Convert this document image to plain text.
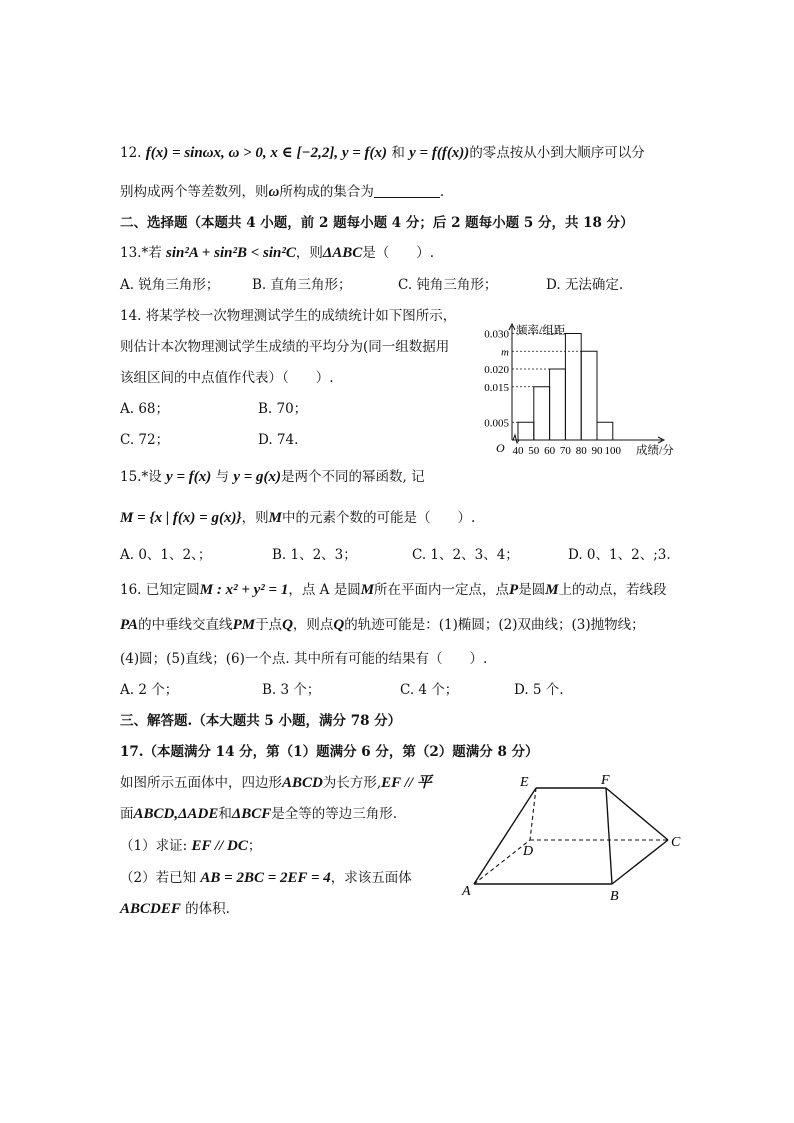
12. f(x) = sinωx, ω > 0, x ∈ [−2,2], y = f(x) 和 y = f(f(x))的零点按从小到大顺序可以分
别构成两个等差数列，则ω所构成的集合为	.
二、选择题（本题共 4 小题，前 2 题每小题 4 分；后 2 题每小题 5 分，共 18 分）
13.*若 sin²A + sin²B < sin²C，则ΔABC是（　　）.
A. 锐角三角形； B. 直角三角形；	C. 钝角三角形；	D. 无法确定.
14. 将某学校一次物理测试学生的成绩统计如下图所示，
则估计本次物理测试学生成绩的平均分为(同一组数据用
该组区间的中点值作代表）（　　）.
A. 68；	B. 70；
C. 72；	D. 74.
0.030
m
0.020
0.015
0.005
40 50 60 70 80 90 100
频率/组距
成绩/分
O
15.*设 y = f(x) 与 y = g(x)是两个不同的幂函数, 记
M = {x | f(x) = g(x)}，则M中的元素个数的可能是（　　）.
A. 0、1、2、；	B. 1、2、3；	C. 1、2、3、4；	D. 0、1、2、;3.
16. 已知定圆M : x² + y² = 1，点 A 是圆M所在平面内一定点，点P是圆M上的动点，若线段
PA的中垂线交直线PM于点Q，则点Q的轨迹可能是：(1)椭圆；(2)双曲线；(3)抛物线；
(4)圆；(5)直线；(6)一个点. 其中所有可能的结果有（　　）.
A. 2 个；	B. 3 个；	C. 4 个；	D. 5 个.
三、解答题.（本大题共 5 小题，满分 78 分）
17.（本题满分 14 分，第（1）题满分 6 分，第（2）题满分 8 分）
如图所示五面体中，四边形ABCD为长方形,EF // 平
面ABCD,ΔADE和ΔBCF是全等的等边三角形.
（1）求证: EF // DC；
（2）若已知 AB = 2BC = 2EF = 4，求该五面体
ABCDEF 的体积.
E	F
C
D
A	B
